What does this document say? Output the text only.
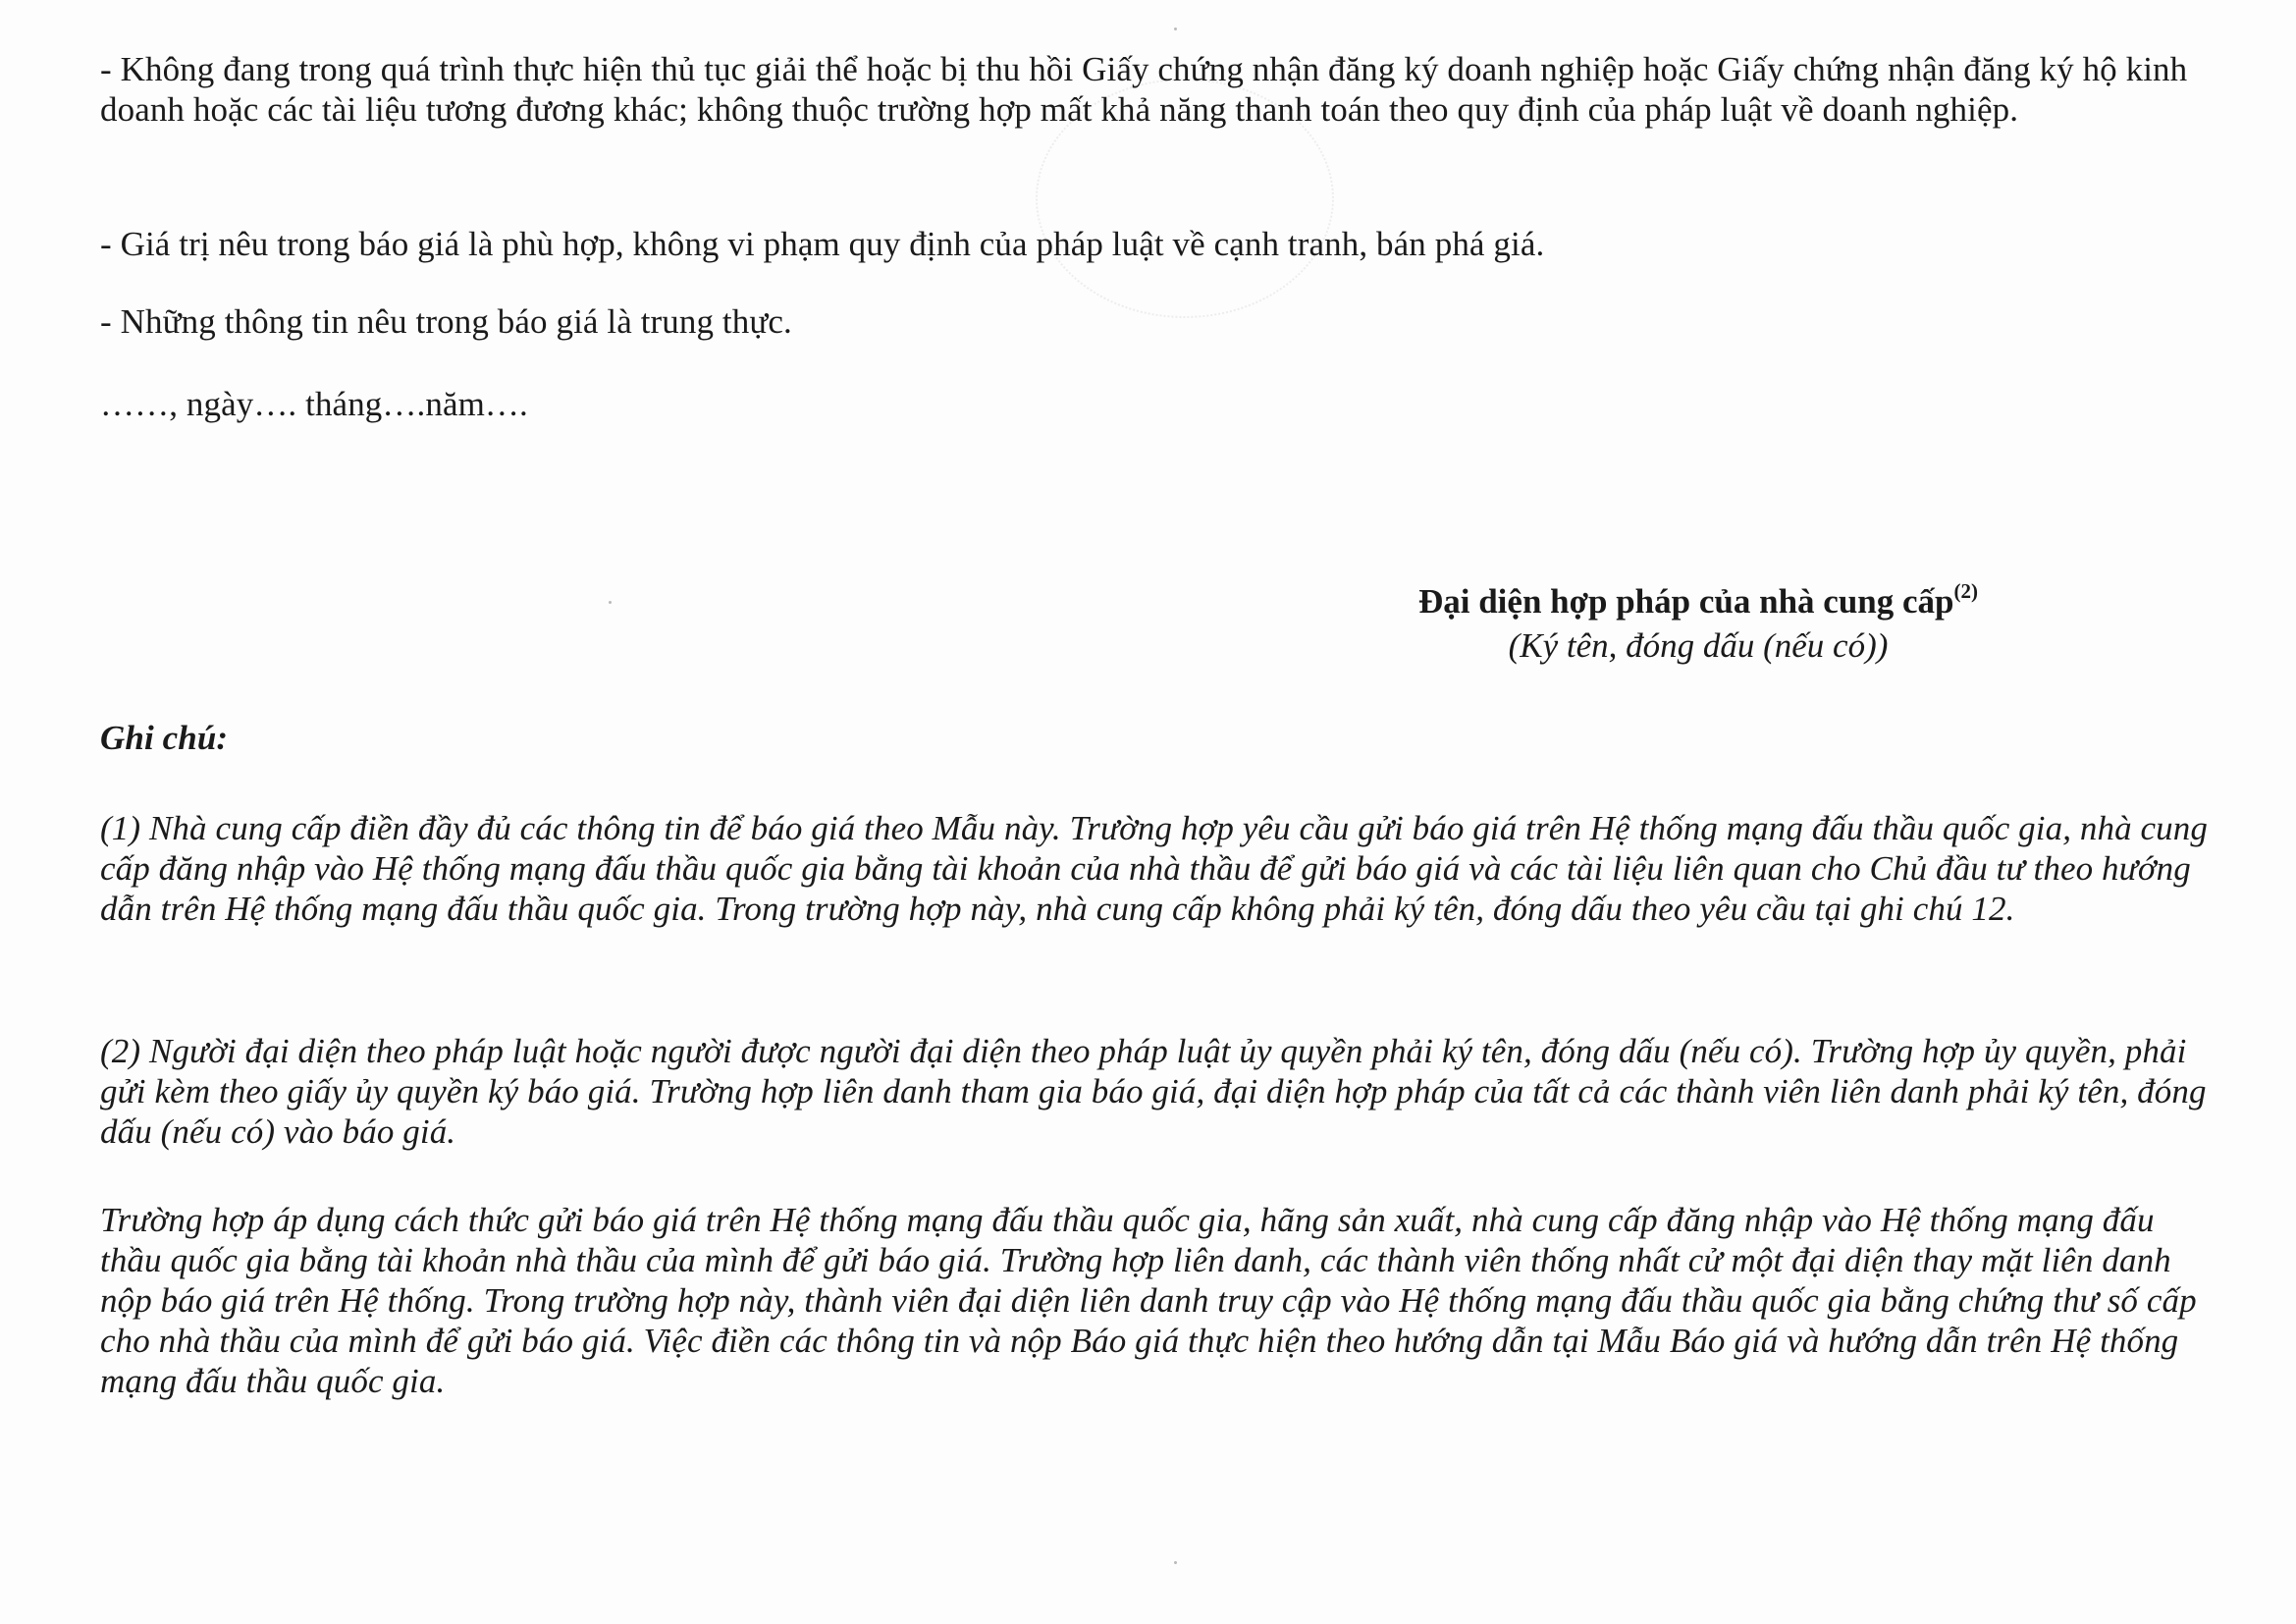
- Không đang trong quá trình thực hiện thủ tục giải thể hoặc bị thu hồi Giấy chứng nhận đăng ký doanh nghiệp hoặc Giấy chứng nhận đăng ký hộ kinh doanh hoặc các tài liệu tương đương khác; không thuộc trường hợp mất khả năng thanh toán theo quy định của pháp luật về doanh nghiệp.
- Giá trị nêu trong báo giá là phù hợp, không vi phạm quy định của pháp luật về cạnh tranh, bán phá giá.
- Những thông tin nêu trong báo giá là trung thực.
……, ngày…. tháng….năm….
Đại diện hợp pháp của nhà cung cấp$^{(2)}$
(Ký tên, đóng dấu (nếu có))
Ghi chú:
(1) Nhà cung cấp điền đầy đủ các thông tin để báo giá theo Mẫu này. Trường hợp yêu cầu gửi báo giá trên Hệ thống mạng đấu thầu quốc gia, nhà cung cấp đăng nhập vào Hệ thống mạng đấu thầu quốc gia bằng tài khoản của nhà thầu để gửi báo giá và các tài liệu liên quan cho Chủ đầu tư theo hướng dẫn trên Hệ thống mạng đấu thầu quốc gia. Trong trường hợp này, nhà cung cấp không phải ký tên, đóng dấu theo yêu cầu tại ghi chú 12.
(2) Người đại diện theo pháp luật hoặc người được người đại diện theo pháp luật ủy quyền phải ký tên, đóng dấu (nếu có). Trường hợp ủy quyền, phải gửi kèm theo giấy ủy quyền ký báo giá. Trường hợp liên danh tham gia báo giá, đại diện hợp pháp của tất cả các thành viên liên danh phải ký tên, đóng dấu (nếu có) vào báo giá.
Trường hợp áp dụng cách thức gửi báo giá trên Hệ thống mạng đấu thầu quốc gia, hãng sản xuất, nhà cung cấp đăng nhập vào Hệ thống mạng đấu thầu quốc gia bằng tài khoản nhà thầu của mình để gửi báo giá. Trường hợp liên danh, các thành viên thống nhất cử một đại diện thay mặt liên danh nộp báo giá trên Hệ thống. Trong trường hợp này, thành viên đại diện liên danh truy cập vào Hệ thống mạng đấu thầu quốc gia bằng chứng thư số cấp cho nhà thầu của mình để gửi báo giá. Việc điền các thông tin và nộp Báo giá thực hiện theo hướng dẫn tại Mẫu Báo giá và hướng dẫn trên Hệ thống mạng đấu thầu quốc gia.
